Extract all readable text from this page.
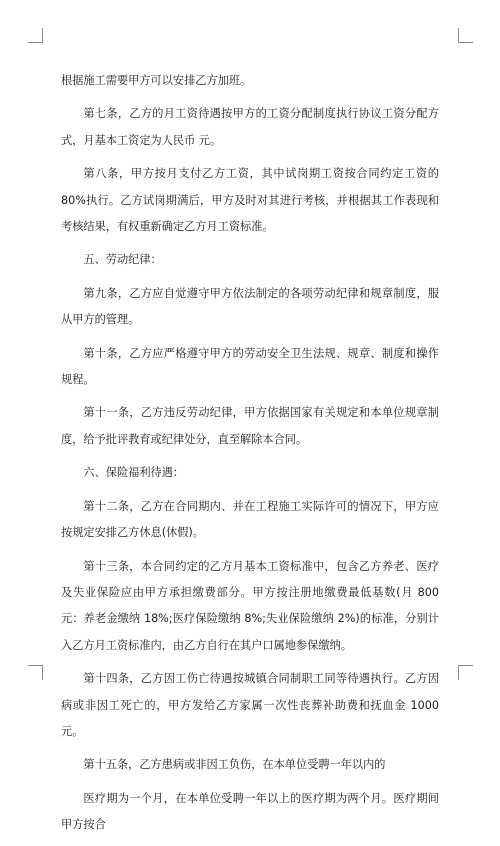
根据施工需要甲方可以安排乙方加班。

第七条，乙方的月工资待遇按甲方的工资分配制度执行协议工资分配方式，月基本工资定为人民币 元。

第八条，甲方按月支付乙方工资，其中试岗期工资按合同约定工资的 80%执行。乙方试岗期满后，甲方及时对其进行考核，并根据其工作表现和考核结果，有权重新确定乙方月工资标准。

五、劳动纪律：

第九条，乙方应自觉遵守甲方依法制定的各项劳动纪律和规章制度，服从甲方的管理。

第十条，乙方应严格遵守甲方的劳动安全卫生法规、规章、制度和操作规程。

第十一条，乙方违反劳动纪律，甲方依据国家有关规定和本单位规章制度，给予批评教育或纪律处分，直至解除本合同。

六、保险福利待遇：

第十二条，乙方在合同期内、并在工程施工实际许可的情况下，甲方应按规定安排乙方休息(休假)。

第十三条，本合同约定的乙方月基本工资标准中，包含乙方养老、医疗及失业保险应由甲方承担缴费部分。甲方按注册地缴费最低基数(月 800 元：养老金缴纳 18%;医疗保险缴纳 8%;失业保险缴纳 2%)的标准，分别计入乙方月工资标准内，由乙方自行在其户口属地参保缴纳。

第十四条，乙方因工伤亡待遇按城镇合同制职工同等待遇执行。乙方因病或非因工死亡的，甲方发给乙方家属一次性丧葬补助费和抚血金 1000 元。

第十五条，乙方患病或非因工负伤，在本单位受聘一年以内的

医疗期为一个月，在本单位受聘一年以上的医疗期为两个月。医疗期间甲方按合
